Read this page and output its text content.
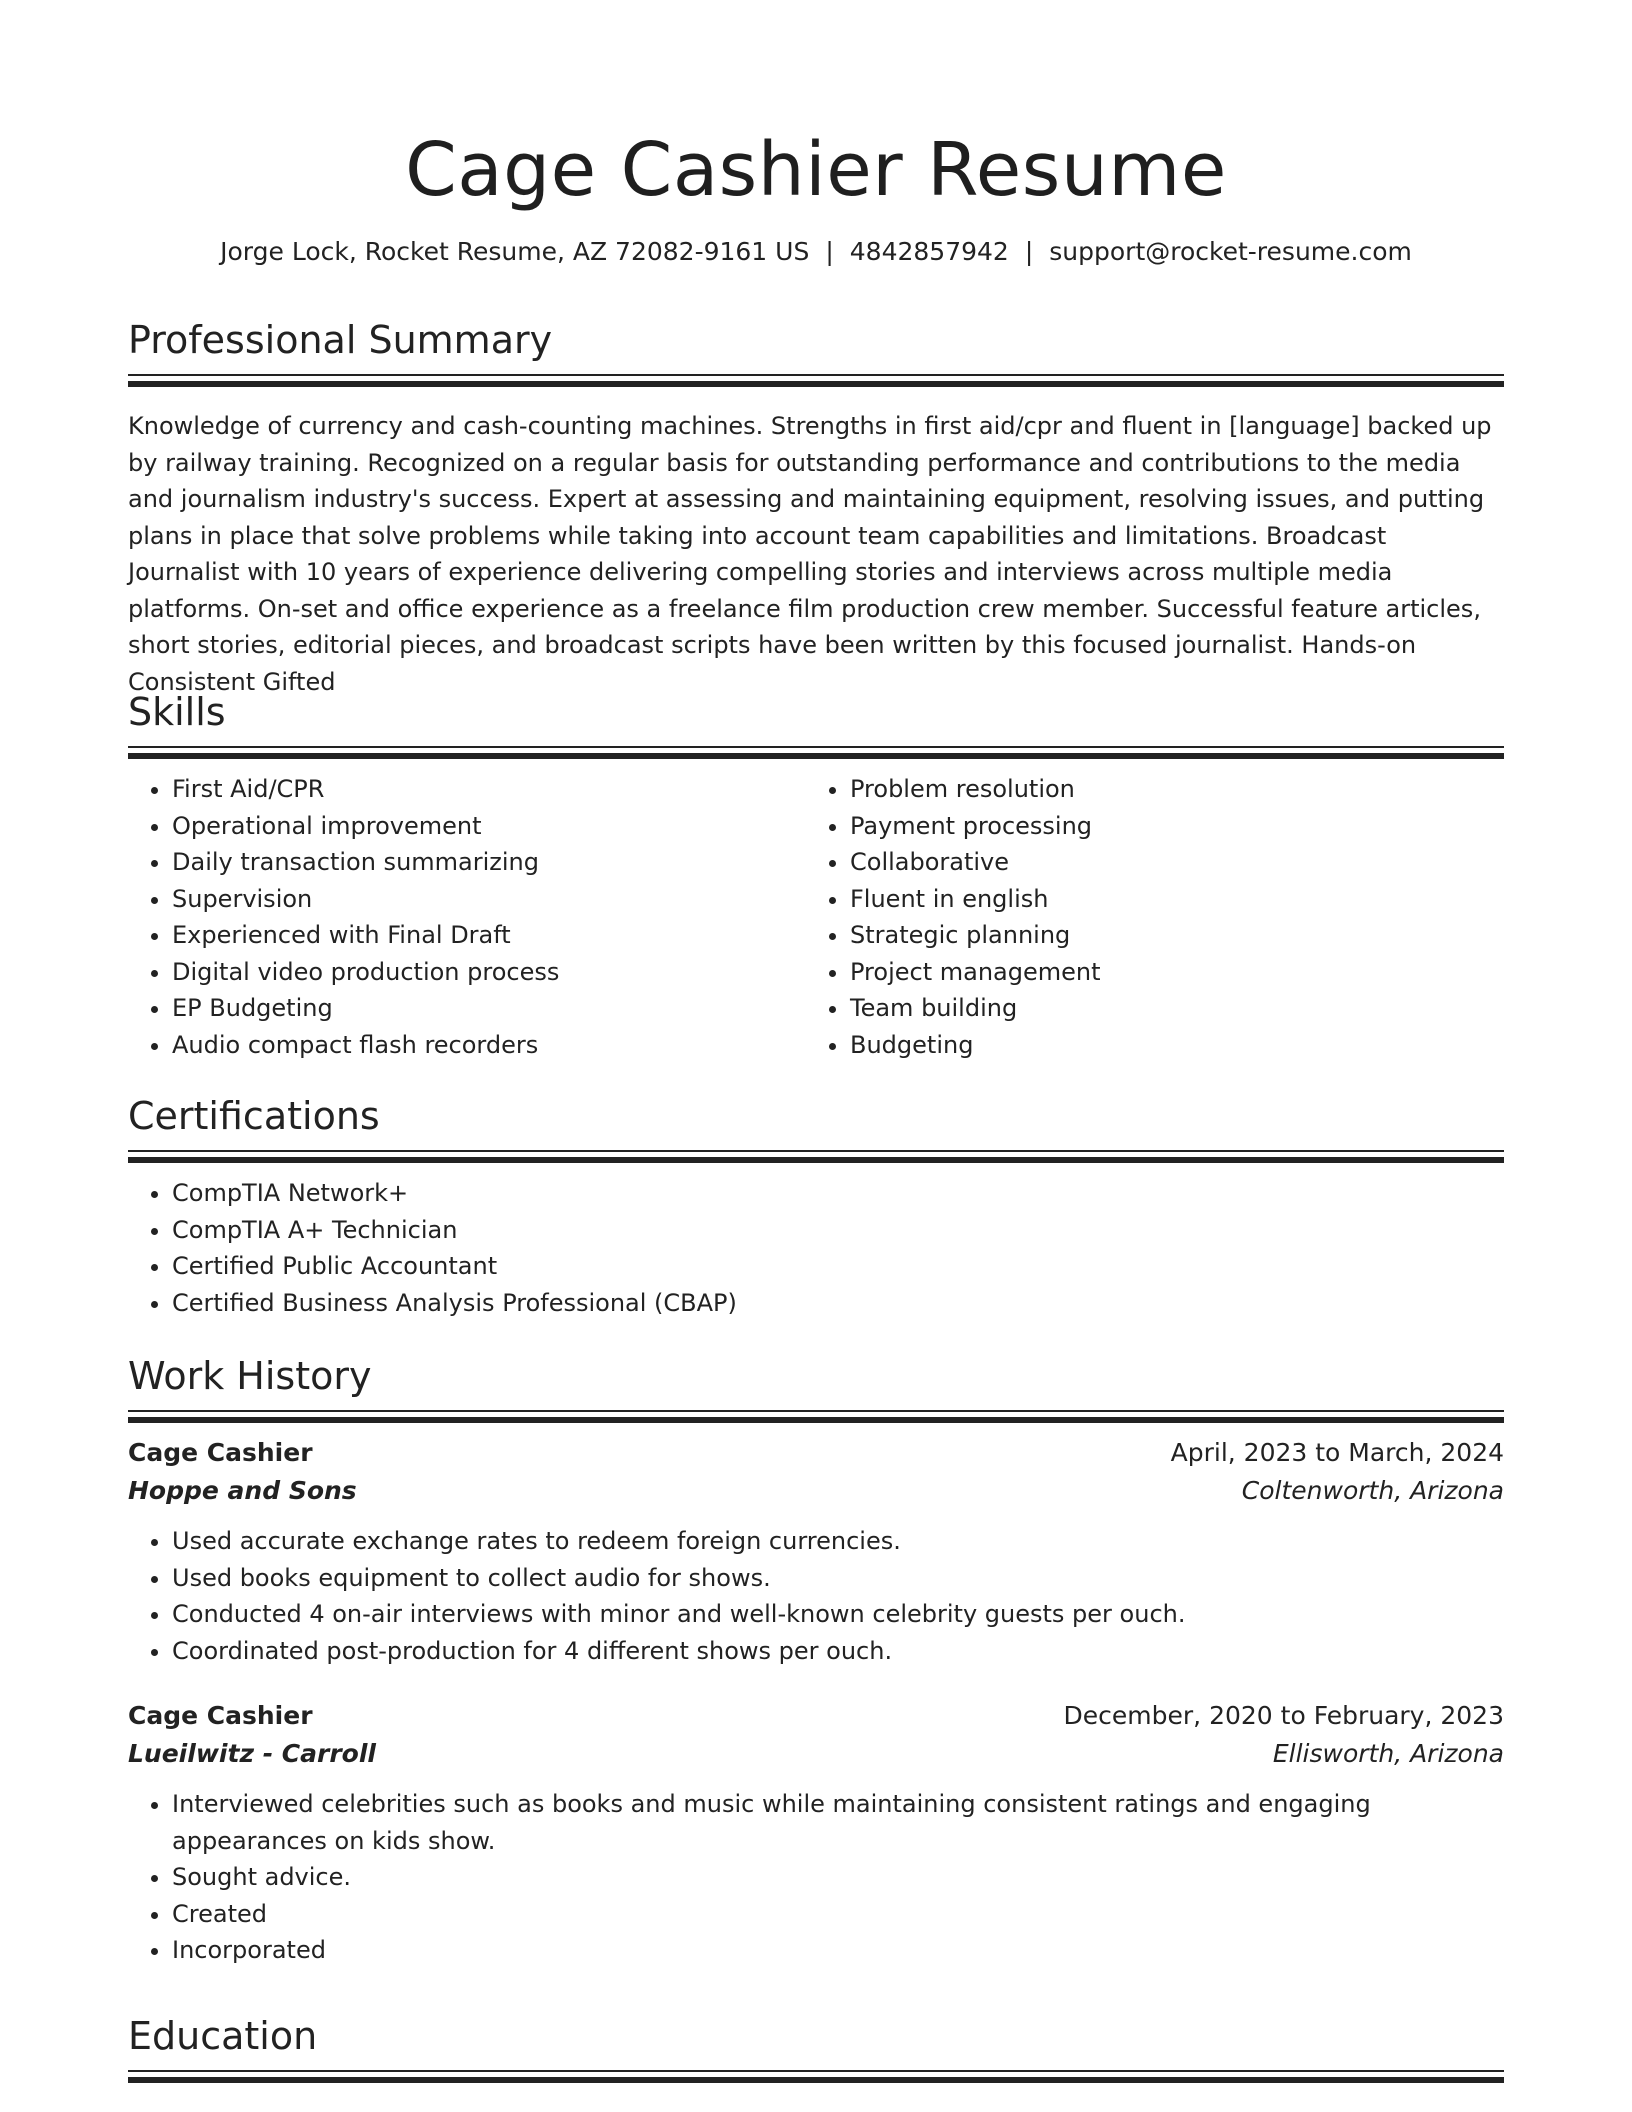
Cage Cashier Resume
Jorge Lock, Rocket Resume, AZ 72082-9161 US | 4842857942 | support@rocket-resume.com
Professional Summary
Knowledge of currency and cash-counting machines. Strengths in first aid/cpr and fluent in [language] backed up by railway training. Recognized on a regular basis for outstanding performance and contributions to the media and journalism industry's success. Expert at assessing and maintaining equipment, resolving issues, and putting plans in place that solve problems while taking into account team capabilities and limitations. Broadcast Journalist with 10 years of experience delivering compelling stories and interviews across multiple media platforms. On-set and office experience as a freelance film production crew member. Successful feature articles, short stories, editorial pieces, and broadcast scripts have been written by this focused journalist. Hands-on Consistent Gifted
Skills
• First Aid/CPR
• Operational improvement
• Daily transaction summarizing
• Supervision
• Experienced with Final Draft
• Digital video production process
• EP Budgeting
• Audio compact flash recorders
• Problem resolution
• Payment processing
• Collaborative
• Fluent in english
• Strategic planning
• Project management
• Team building
• Budgeting
Certifications
• CompTIA Network+
• CompTIA A+ Technician
• Certified Public Accountant
• Certified Business Analysis Professional (CBAP)
Work History
Cage Cashier	April, 2023 to March, 2024
Hoppe and Sons	Coltenworth, Arizona
• Used accurate exchange rates to redeem foreign currencies.
• Used books equipment to collect audio for shows.
• Conducted 4 on-air interviews with minor and well-known celebrity guests per ouch.
• Coordinated post-production for 4 different shows per ouch.
Cage Cashier	December, 2020 to February, 2023
Lueilwitz - Carroll	Ellisworth, Arizona
• Interviewed celebrities such as books and music while maintaining consistent ratings and engaging appearances on kids show.
• Sought advice.
• Created
• Incorporated
Education
